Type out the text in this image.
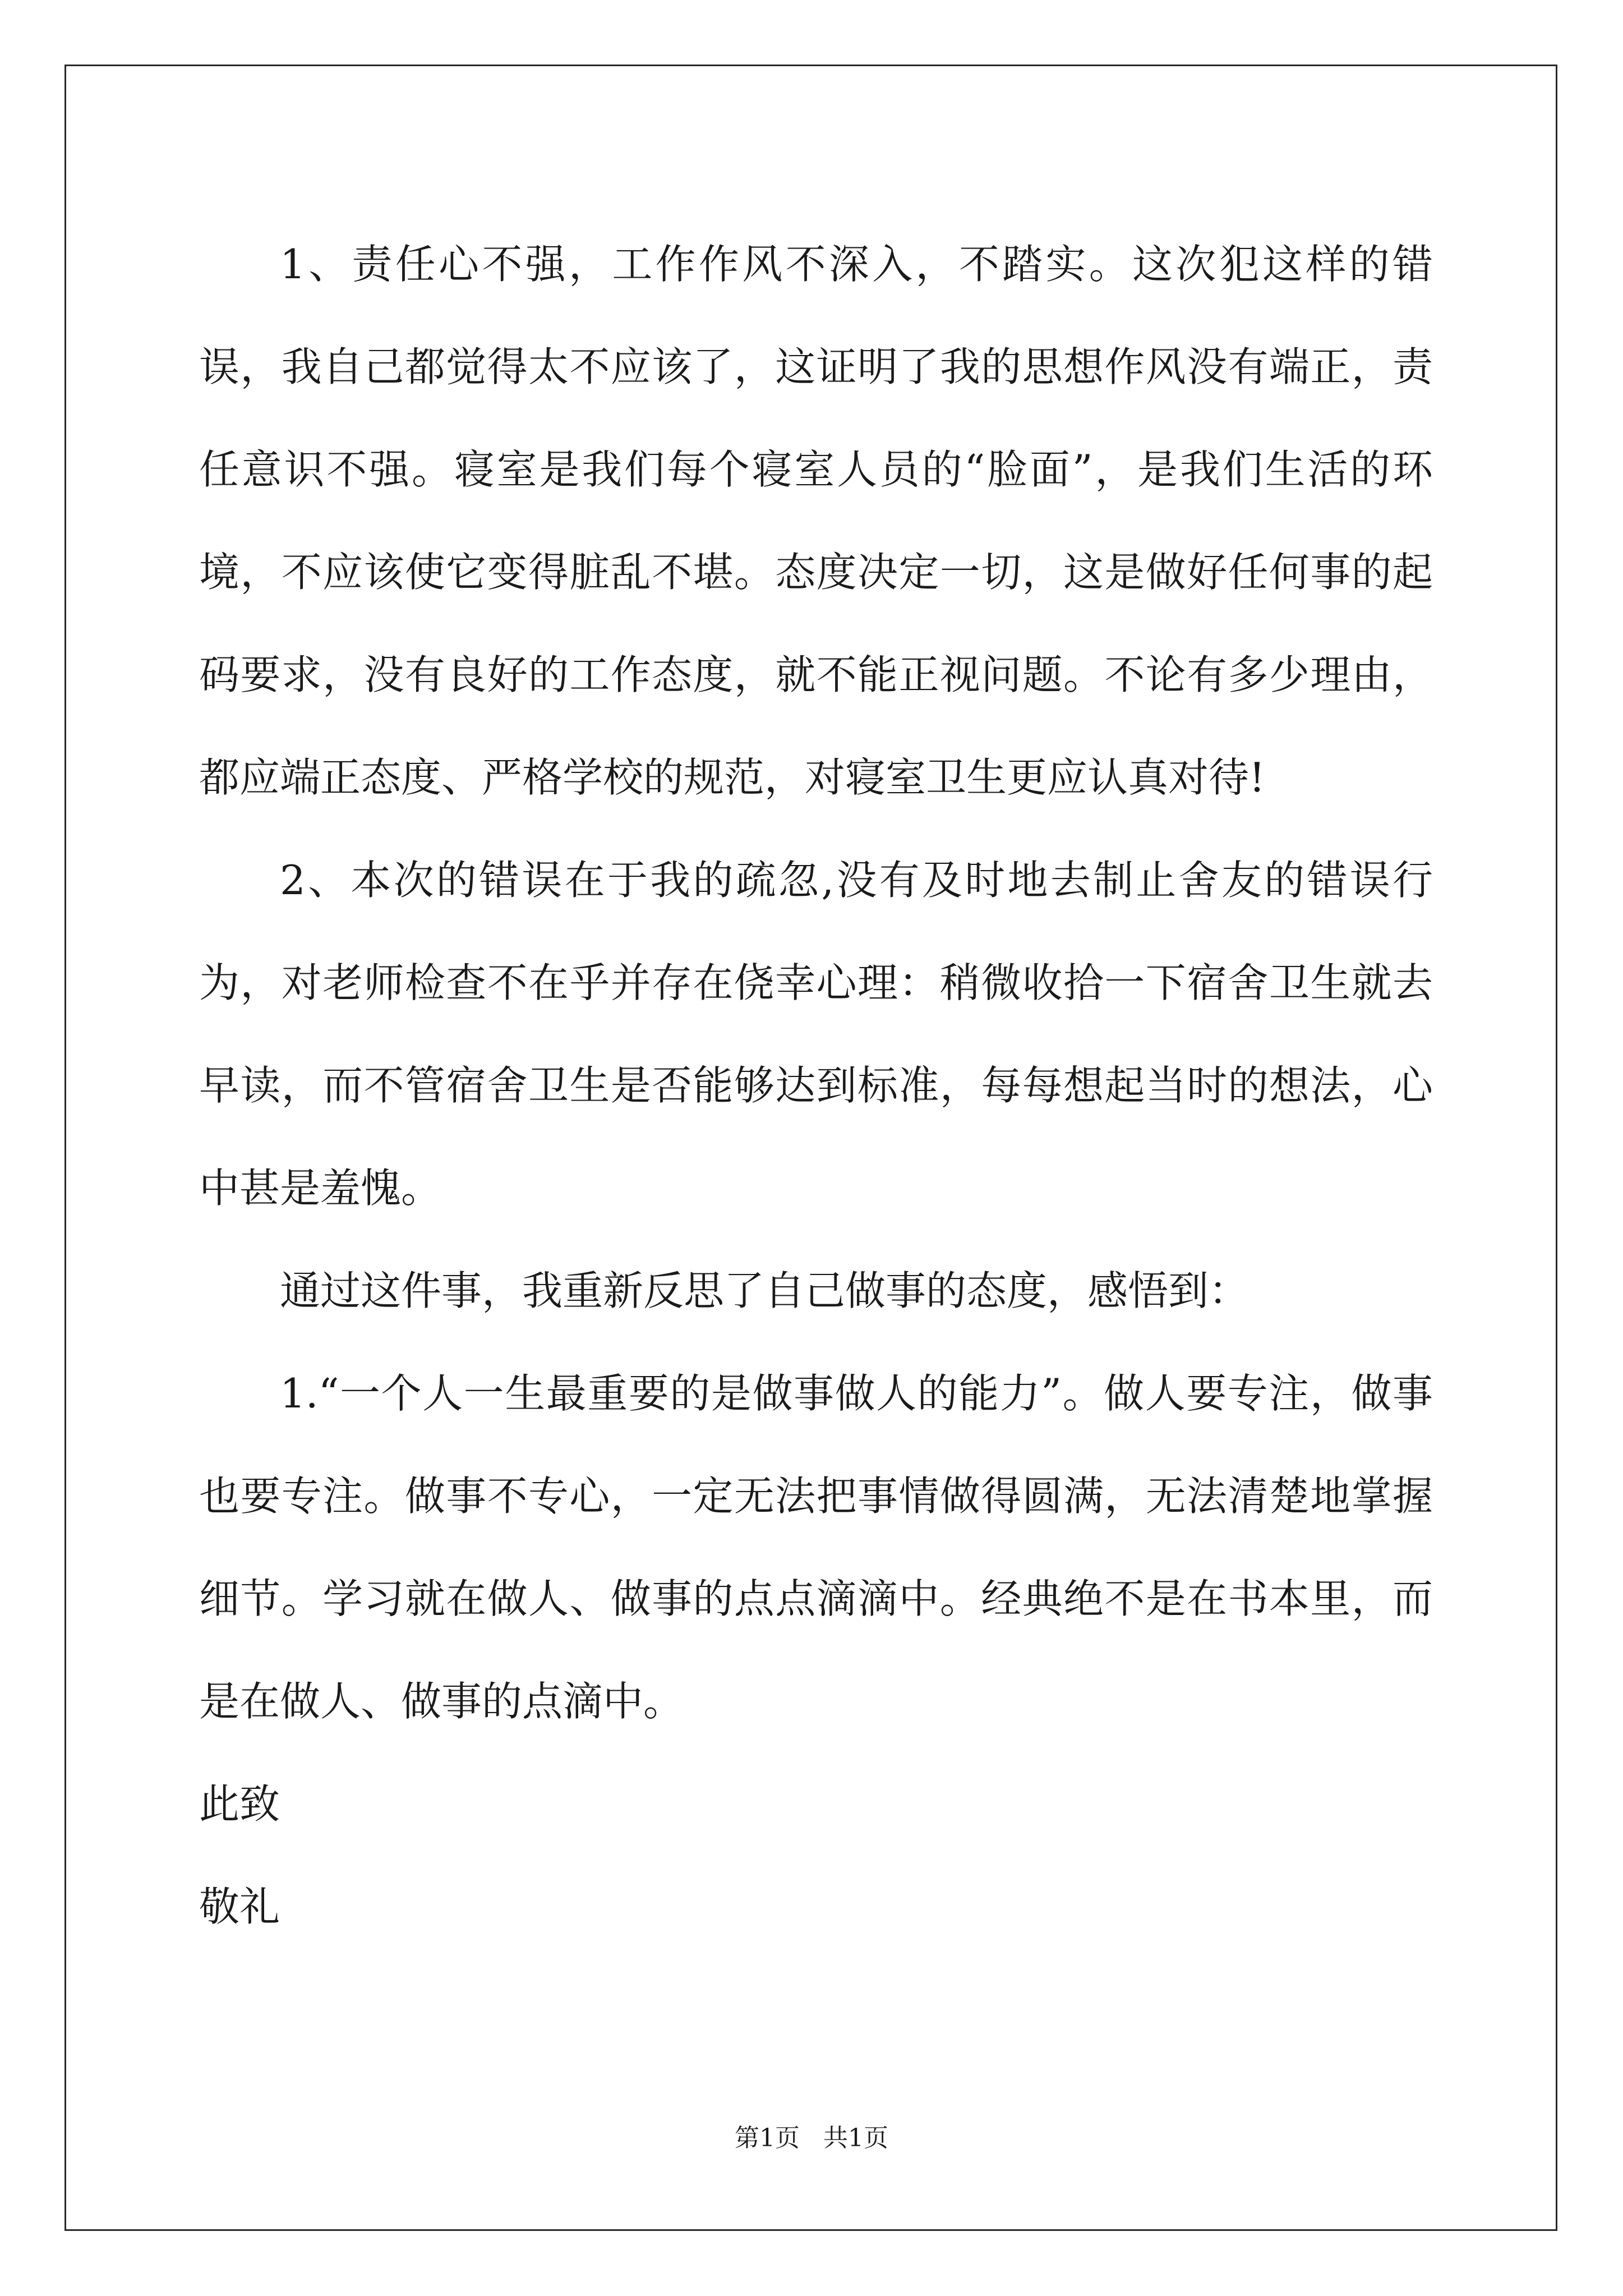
1、责任心不强，工作作风不深入，不踏实。这次犯这样的错误，我自己都觉得太不应该了，这证明了我的思想作风没有端正，责任意识不强。寝室是我们每个寝室人员的“脸面”，是我们生活的环境，不应该使它变得脏乱不堪。态度决定一切，这是做好任何事的起码要求，没有良好的工作态度，就不能正视问题。不论有多少理由，都应端正态度、严格学校的规范，对寝室卫生更应认真对待!

2、本次的错误在于我的疏忽,没有及时地去制止舍友的错误行为，对老师检查不在乎并存在侥幸心理：稍微收拾一下宿舍卫生就去早读，而不管宿舍卫生是否能够达到标准，每每想起当时的想法，心中甚是羞愧。

通过这件事，我重新反思了自己做事的态度，感悟到：

1.“一个人一生最重要的是做事做人的能力”。做人要专注，做事也要专注。做事不专心，一定无法把事情做得圆满，无法清楚地掌握细节。学习就在做人、做事的点点滴滴中。经典绝不是在书本里，而是在做人、做事的点滴中。

此致

敬礼

第1页   共1页
